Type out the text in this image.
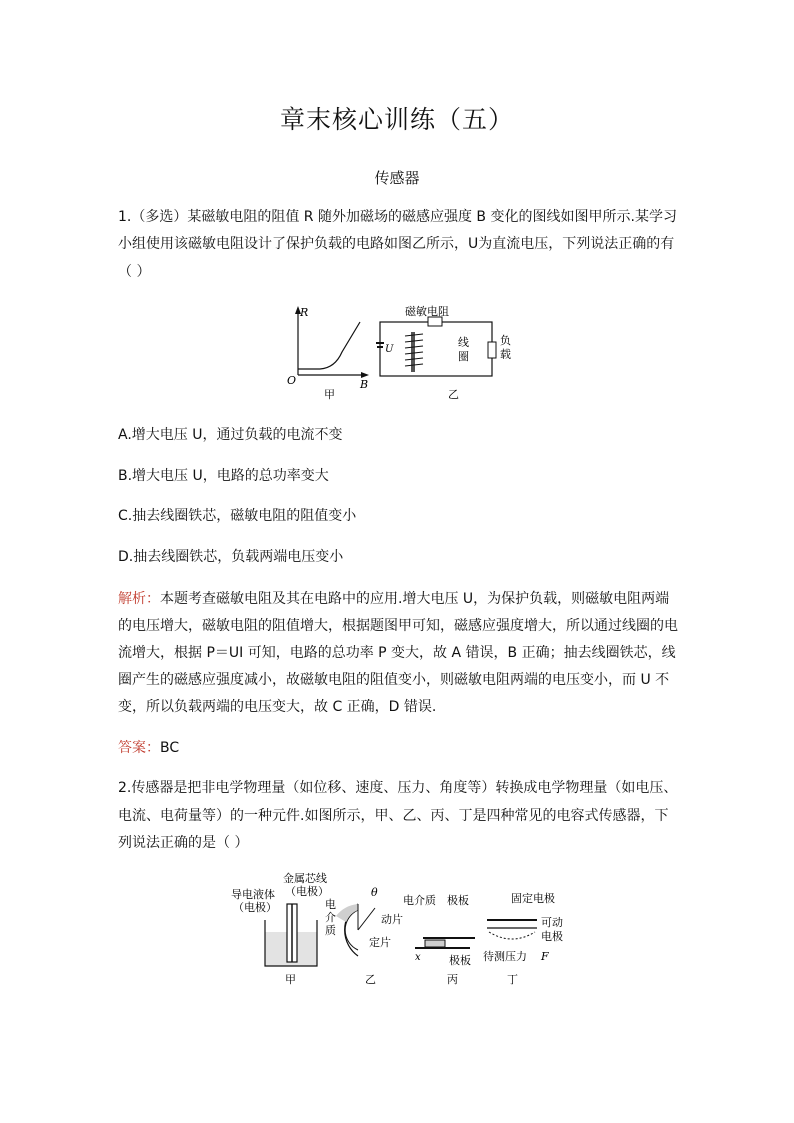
章末核心训练（五）
传感器
1.（多选）某磁敏电阻的阻值 R 随外加磁场的磁感应强度 B 变化的图线如图甲所示.某学习
小组使用该磁敏电阻设计了保护负载的电路如图乙所示，U为直流电压，下列说法正确的有
（ ）
R
B
O
甲
U
磁敏电阻
线
圈
负
载
乙
A.增大电压 U，通过负载的电流不变
B.增大电压 U，电路的总功率变大
C.抽去线圈铁芯，磁敏电阻的阻值变小
D.抽去线圈铁芯，负载两端电压变小
解析：本题考查磁敏电阻及其在电路中的应用.增大电压 U，为保护负载，则磁敏电阻两端
的电压增大，磁敏电阻的阻值增大，根据题图甲可知，磁感应强度增大，所以通过线圈的电
流增大，根据 P＝UI 可知，电路的总功率 P 变大，故 A 错误，B 正确；抽去线圈铁芯，线
圈产生的磁感应强度减小，故磁敏电阻的阻值变小，则磁敏电阻两端的电压变小，而 U 不
变，所以负载两端的电压变大，故 C 正确，D 错误.
答案：BC
2.传感器是把非电学物理量（如位移、速度、压力、角度等）转换成电学物理量（如电压、
电流、电荷量等）的一种元件.如图所示，甲、乙、丙、丁是四种常见的电容式传感器，下
列说法正确的是（ ）
金属芯线
（电极）
导电液体
（电极）	电
介
质
甲
θ
动片
定片
乙
电介质 极板
x	极板
丙
固定电极
可动
电极
待测压力 F
丁
